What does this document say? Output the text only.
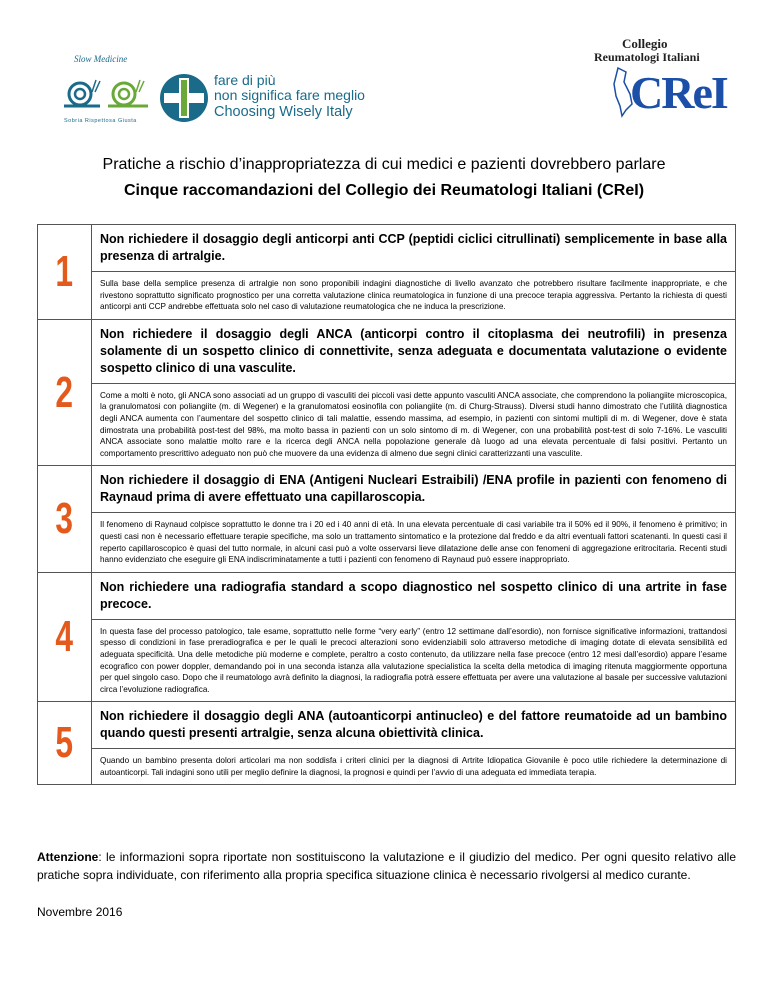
Slow Medicine
Sobria Rispettosa Giusta
fare di più
non significa fare meglio
Choosing Wisely Italy
Collegio
Reumatologi Italiani
CReI
Pratiche a rischio d’inappropriatezza di cui medici e pazienti dovrebbero parlare
Cinque raccomandazioni del Collegio dei Reumatologi Italiani (CReI)
1
Non richiedere il dosaggio degli anticorpi anti CCP (peptidi ciclici citrullinati) semplicemente in base alla presenza di artralgie.
Sulla base della semplice presenza di artralgie non sono proponibili indagini diagnostiche di livello avanzato che potrebbero risultare facilmente inappropriate, e che rivestono soprattutto significato prognostico per una corretta valutazione clinica reumatologica in funzione di una precoce terapia aggressiva. Pertanto la richiesta di questi anticorpi anti CCP andrebbe effettuata solo nel caso di valutazione reumatologica che ne induca la prescrizione.
2
Non richiedere il dosaggio degli ANCA (anticorpi contro il citoplasma dei neutrofili) in presenza solamente di un sospetto clinico di connettivite, senza adeguata e documentata valutazione o evidente sospetto clinico di una vasculite.
Come a molti è noto, gli ANCA sono associati ad un gruppo di vasculiti dei piccoli vasi dette appunto vasculiti ANCA associate, che comprendono la poliangiite microscopica, la granulomatosi con poliangiite (m. di Wegener) e la granulomatosi eosinofila con poliangiite (m. di Churg-Strauss). Diversi studi hanno dimostrato che l’utilità diagnostica degli ANCA aumenta con l’aumentare del sospetto clinico di tali malattie, essendo massima, ad esempio, in pazienti con sintomi multipli di m. di Wegener, dove è stata dimostrata una probabilità post-test del 98%, ma molto bassa in pazienti con un solo sintomo di m. di Wegener, con una probabilità post-test di solo 7-16%. Le vasculiti ANCA associate sono malattie molto rare e la ricerca degli ANCA nella popolazione generale dà luogo ad una elevata percentuale di falsi positivi. Pertanto un comportamento prescrittivo adeguato non può che muovere da una evidenza di almeno due segni clinici caratterizzanti una vasculite.
3
Non richiedere il dosaggio di ENA (Antigeni Nucleari Estraibili) /ENA profile in pazienti con fenomeno di Raynaud prima di avere effettuato una capillaroscopia.
Il fenomeno di Raynaud colpisce soprattutto le donne tra i 20 ed i 40 anni di età. In una elevata percentuale di casi variabile tra il 50% ed il 90%, il fenomeno è primitivo; in questi casi non è necessario effettuare terapie specifiche, ma solo un trattamento sintomatico e la protezione dal freddo e da altri eventuali fattori scatenanti. In questi casi il reperto capillaroscopico è quasi del tutto normale, in alcuni casi può a volte osservarsi lieve dilatazione delle anse con fenomeni di aggregazione eritrocitaria. Recenti studi hanno evidenziato che eseguire gli ENA indiscriminatamente a tutti i pazienti con fenomeno di Raynaud può essere inappropriato.
4
Non richiedere una radiografia standard a scopo diagnostico nel sospetto clinico di una artrite in fase precoce.
In questa fase del processo patologico, tale esame, soprattutto nelle forme “very early” (entro 12 settimane dall’esordio), non fornisce significative informazioni, trattandosi spesso di condizioni in fase preradiografica e per le quali le precoci alterazioni sono evidenziabili solo attraverso metodiche di imaging dotate di elevata sensibilità ed adeguata specificità. Una delle metodiche più moderne e complete, peraltro a costo contenuto, da utilizzare nella fase precoce (entro 12 mesi dall’esordio) appare l’esame ecografico con power doppler, demandando poi in una seconda istanza alla valutazione specialistica la scelta della metodica di imaging ritenuta maggiormente opportuna per quel singolo caso. Dopo che il reumatologo avrà definito la diagnosi, la radiografia potrà essere effettuata per avere una valutazione al basale per successive valutazioni circa l’evoluzione radiografica.
5
Non richiedere il dosaggio degli ANA (autoanticorpi antinucleo) e del fattore reumatoide ad un bambino quando questi presenti artralgie, senza alcuna obiettività clinica.
Quando un bambino presenta dolori articolari ma non soddisfa i criteri clinici per la diagnosi di Artrite Idiopatica Giovanile è poco utile richiedere la determinazione di autoanticorpi. Tali indagini sono utili per meglio definire la diagnosi, la prognosi e quindi per l’avvio di una adeguata ed immediata terapia.
Attenzione: le informazioni sopra riportate non sostituiscono la valutazione e il giudizio del medico. Per ogni quesito relativo alle pratiche sopra individuate, con riferimento alla propria specifica situazione clinica è necessario rivolgersi al medico curante.
Novembre 2016
